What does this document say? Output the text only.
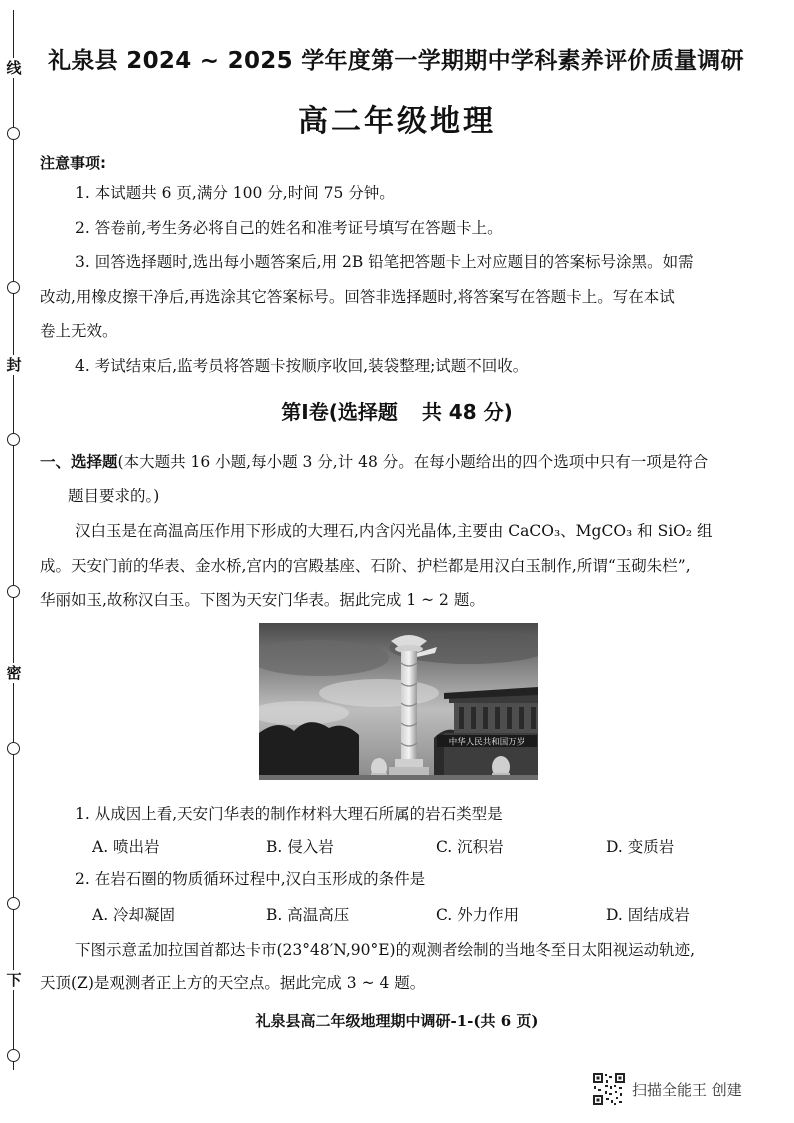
线
封
密
下
礼泉县 2024 ~ 2025 学年度第一学期期中学科素养评价质量调研
高二年级地理
注意事项:
1. 本试题共 6 页,满分 100 分,时间 75 分钟。
2. 答卷前,考生务必将自己的姓名和准考证号填写在答题卡上。
3. 回答选择题时,选出每小题答案后,用 2B 铅笔把答题卡上对应题目的答案标号涂黑。如需
改动,用橡皮擦干净后,再选涂其它答案标号。回答非选择题时,将答案写在答题卡上。写在本试
卷上无效。
4. 考试结束后,监考员将答题卡按顺序收回,装袋整理;试题不回收。
第Ⅰ卷(选择题 共 48 分)
一、选择题(本大题共 16 小题,每小题 3 分,计 48 分。在每小题给出的四个选项中只有一项是符合
题目要求的。)
汉白玉是在高温高压作用下形成的大理石,内含闪光晶体,主要由 CaCO₃、MgCO₃ 和 SiO₂ 组
成。天安门前的华表、金水桥,宫内的宫殿基座、石阶、护栏都是用汉白玉制作,所谓“玉砌朱栏”,
华丽如玉,故称汉白玉。下图为天安门华表。据此完成 1 ~ 2 题。
中华人民共和国万岁
1. 从成因上看,天安门华表的制作材料大理石所属的岩石类型是
A. 喷出岩	B. 侵入岩	C. 沉积岩	D. 变质岩
2. 在岩石圈的物质循环过程中,汉白玉形成的条件是
A. 冷却凝固	B. 高温高压	C. 外力作用	D. 固结成岩
下图示意孟加拉国首都达卡市(23°48′N,90°E)的观测者绘制的当地冬至日太阳视运动轨迹,
天顶(Z)是观测者正上方的天空点。据此完成 3 ~ 4 题。
礼泉县高二年级地理期中调研-1-(共 6 页)
扫描全能王 创建
